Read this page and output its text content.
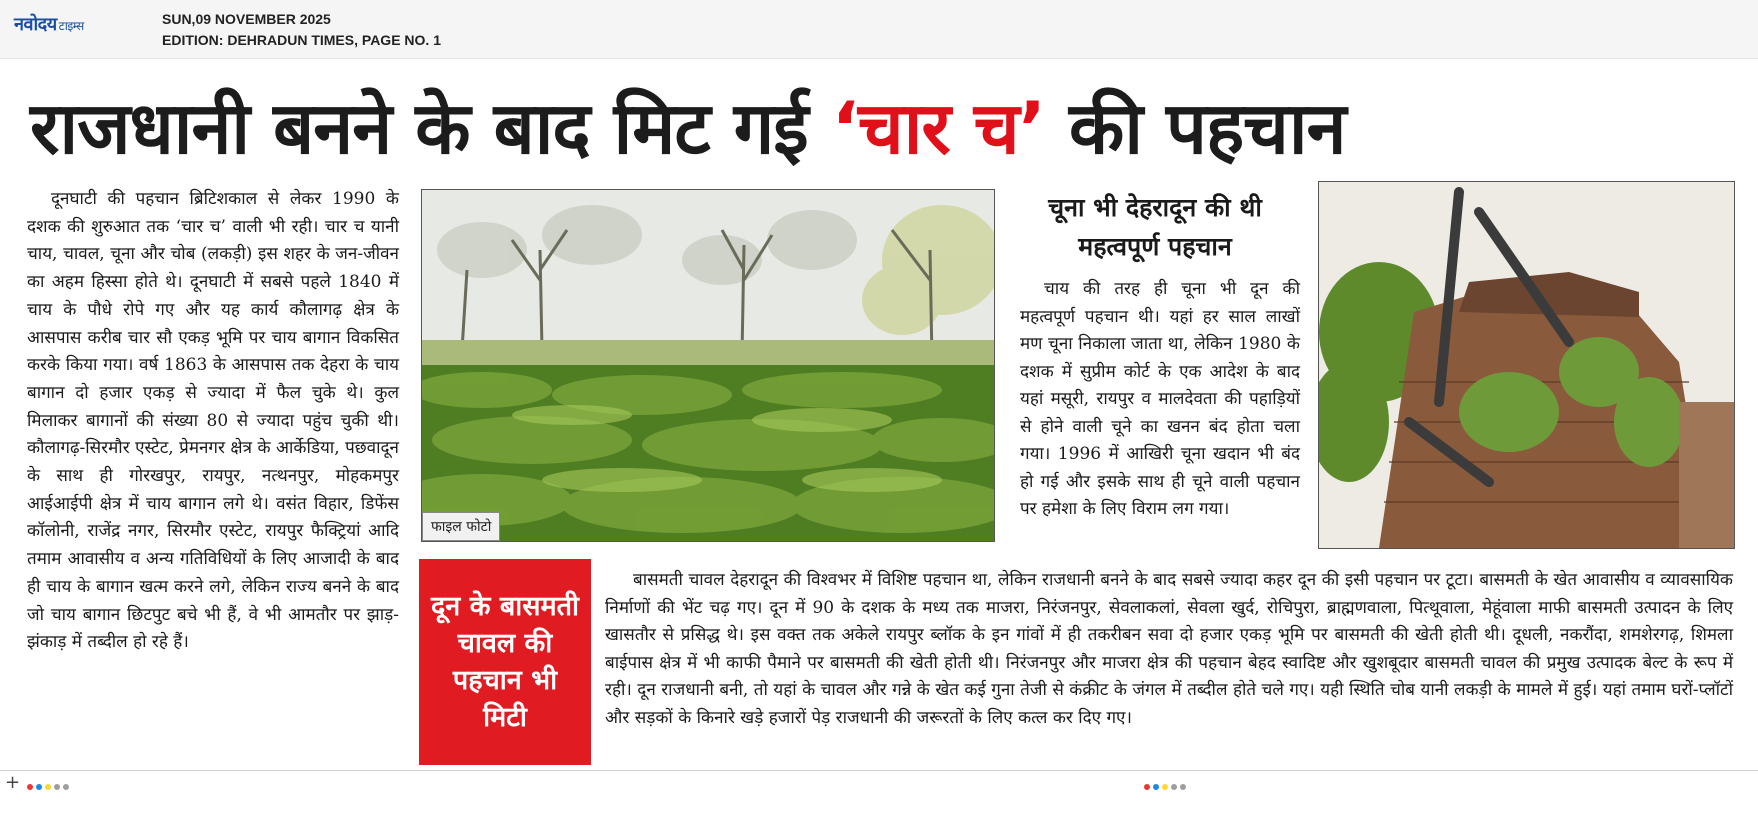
नवोदय टाइम्स	SUN,09 NOVEMBER 2025
EDITION: DEHRADUN TIMES, PAGE NO. 1
राजधानी बनने के बाद मिट गई ‘चार च’ की पहचान
दूनघाटी की पहचान ब्रिटिशकाल से लेकर 1990 के दशक की शुरुआत तक ‘चार च’ वाली भी रही। चार च यानी चाय, चावल, चूना और चोब (लकड़ी) इस शहर के जन-जीवन का अहम हिस्सा होते थे। दूनघाटी में सबसे पहले 1840 में चाय के पौधे रोपे गए और यह कार्य कौलागढ़ क्षेत्र के आसपास करीब चार सौ एकड़ भूमि पर चाय बागान विकसित करके किया गया। वर्ष 1863 के आसपास तक देहरा के चाय बागान दो हजार एकड़ से ज्यादा में फैल चुके थे। कुल मिलाकर बागानों की संख्या 80 से ज्यादा पहुंच चुकी थी। कौलागढ़-सिरमौर एस्टेट, प्रेमनगर क्षेत्र के आर्केडिया, पछवादून के साथ ही गोरखपुर, रायपुर, नत्थनपुर, मोहकमपुर आईआईपी क्षेत्र में चाय बागान लगे थे। वसंत विहार, डिफेंस कॉलोनी, राजेंद्र नगर, सिरमौर एस्टेट, रायपुर फैक्ट्रियां आदि तमाम आवासीय व अन्य गतिविधियों के लिए आजादी के बाद ही चाय के बागान खत्म करने लगे, लेकिन राज्य बनने के बाद जो चाय बागान छिटपुट बचे भी हैं, वे भी आमतौर पर झाड़-झंकाड़ में तब्दील हो रहे हैं।
फाइल फोटो
चूना भी देहरादून की थी महत्वपूर्ण पहचान
चाय की तरह ही चूना भी दून की महत्वपूर्ण पहचान थी। यहां हर साल लाखों मण चूना निकाला जाता था, लेकिन 1980 के दशक में सुप्रीम कोर्ट के एक आदेश के बाद यहां मसूरी, रायपुर व मालदेवता की पहाड़ियों से होने वाली चूने का खनन बंद होता चला गया। 1996 में आखिरी चूना खदान भी बंद हो गई और इसके साथ ही चूने वाली पहचान पर हमेशा के लिए विराम लग गया।
दून के बासमती चावल की पहचान भी मिटी
बासमती चावल देहरादून की विश्वभर में विशिष्ट पहचान था, लेकिन राजधानी बनने के बाद सबसे ज्यादा कहर दून की इसी पहचान पर टूटा। बासमती के खेत आवासीय व व्यावसायिक निर्माणों की भेंट चढ़ गए। दून में 90 के दशक के मध्य तक माजरा, निरंजनपुर, सेवलाकलां, सेवला खुर्द, रोचिपुरा, ब्राह्मणवाला, पित्थूवाला, मेहूंवाला माफी बासमती उत्पादन के लिए खासतौर से प्रसिद्ध थे। इस वक्त तक अकेले रायपुर ब्लॉक के इन गांवों में ही तकरीबन सवा दो हजार एकड़ भूमि पर बासमती की खेती होती थी। दूधली, नकरौंदा, शमशेरगढ़, शिमला बाईपास क्षेत्र में भी काफी पैमाने पर बासमती की खेती होती थी। निरंजनपुर और माजरा क्षेत्र की पहचान बेहद स्वादिष्ट और खुशबूदार बासमती चावल की प्रमुख उत्पादक बेल्ट के रूप में रही। दून राजधानी बनी, तो यहां के चावल और गन्ने के खेत कई गुना तेजी से कंक्रीट के जंगल में तब्दील होते चले गए। यही स्थिति चोब यानी लकड़ी के मामले में हुई। यहां तमाम घरों-प्लॉटों और सड़कों के किनारे खड़े हजारों पेड़ राजधानी की जरूरतों के लिए कत्ल कर दिए गए।
+
